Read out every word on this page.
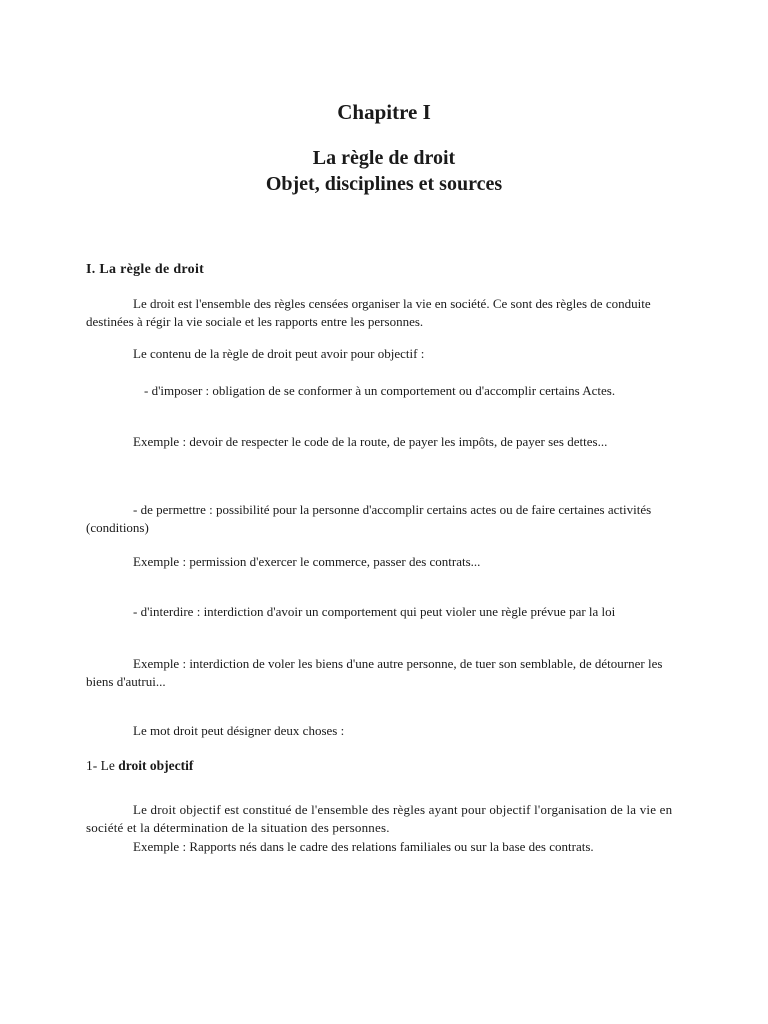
Chapitre I
La règle de droit
Objet, disciplines et sources
I. La règle de droit

Le droit est l'ensemble des règles censées organiser la vie en société. Ce sont des règles de conduite destinées à régir la vie sociale et les rapports entre les personnes.

Le contenu de la règle de droit peut avoir pour objectif :

- d'imposer : obligation de se conformer à un comportement ou d'accomplir certains Actes.

Exemple : devoir de respecter le code de la route, de payer les impôts, de payer ses dettes...

- de permettre : possibilité pour la personne d'accomplir certains actes ou de faire certaines activités (conditions)

Exemple : permission d'exercer le commerce, passer des contrats...

- d'interdire : interdiction d'avoir un comportement qui peut violer une règle prévue par la loi

Exemple : interdiction de voler les biens d'une autre personne, de tuer son semblable, de détourner les biens d'autrui...

Le mot droit peut désigner deux choses :

1- Le droit objectif

Le droit objectif est constitué de l'ensemble des règles ayant pour objectif l'organisation de la vie en société et la détermination de la situation des personnes.

Exemple : Rapports nés dans le cadre des relations familiales ou sur la base des contrats.
